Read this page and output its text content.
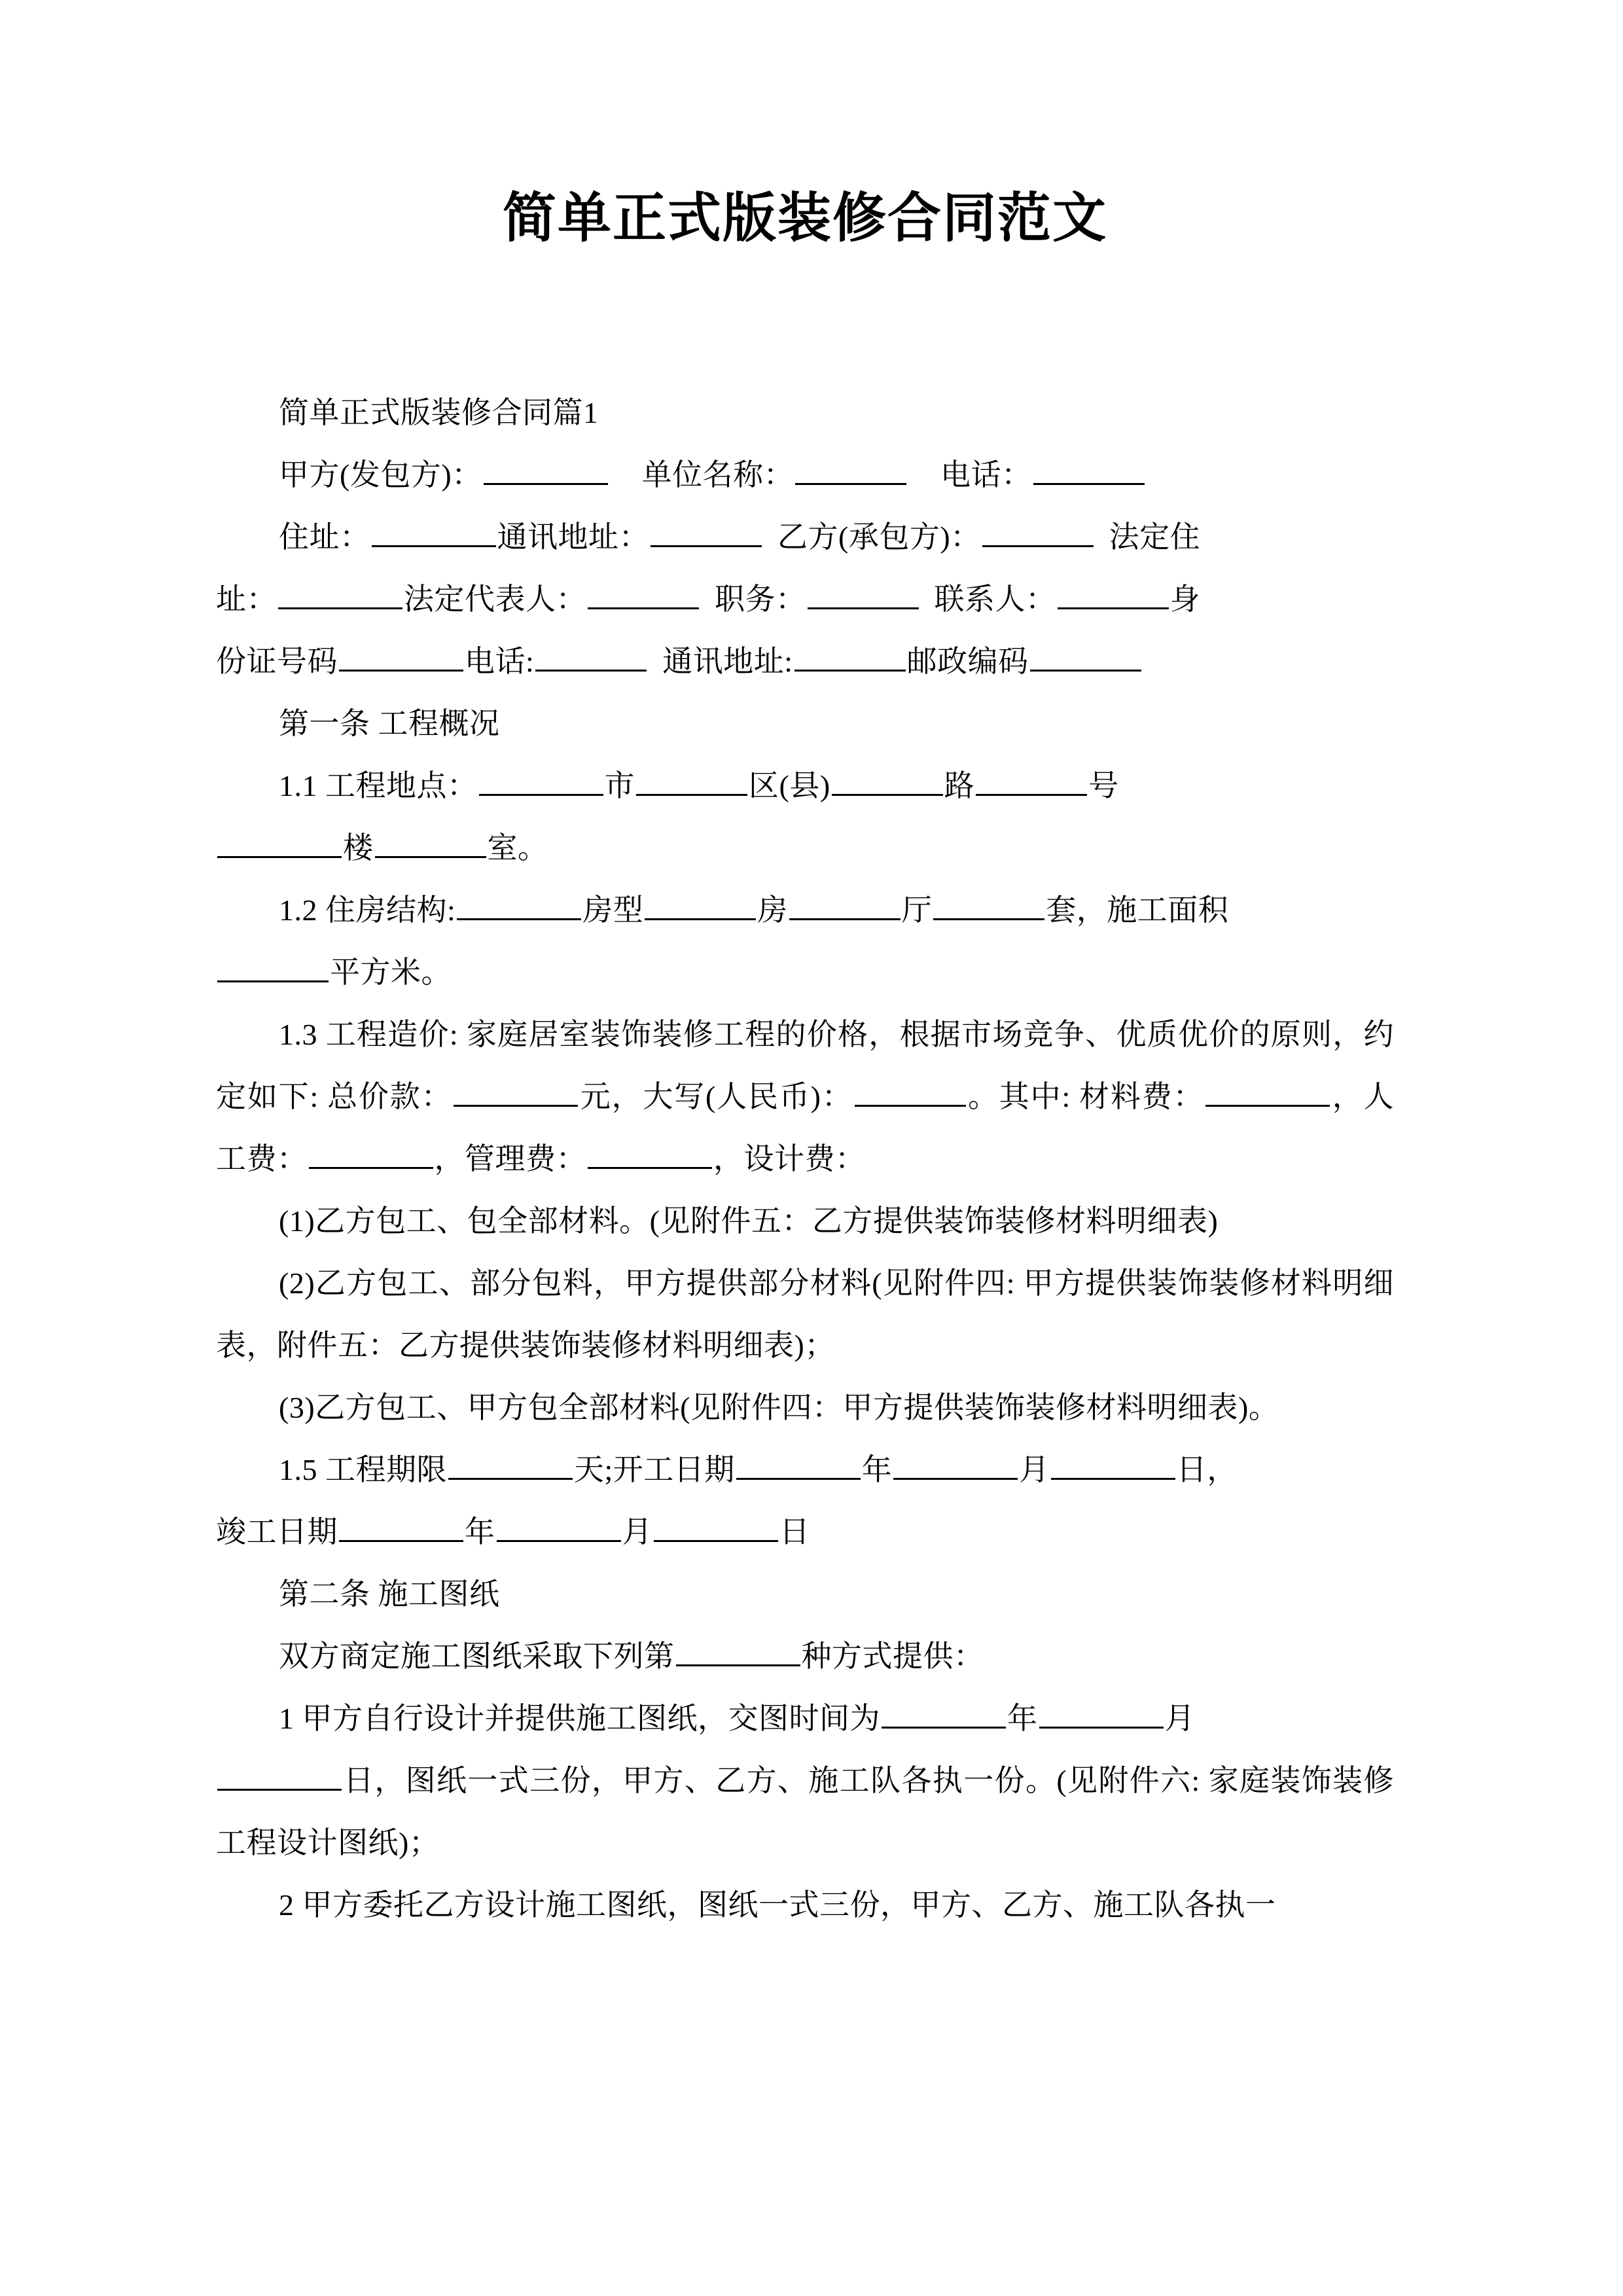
简单正式版装修合同范文

简单正式版装修合同篇1

甲方(发包方)：	单位名称：	电话：

住址：	通讯地址：	乙方(承包方)：	法定住

址：	法定代表人：	职务：	联系人：	身

份证号码	电话:	通讯地址:	邮政编码

第一条 工程概况

1.1 工程地点：	市	区(县)	路	号

楼	室。

1.2 住房结构:	房型	房	厅	套，施工面积

平方米。

1.3 工程造价: 家庭居室装饰装修工程的价格，根据市场竞争、优质优价的原则，约定如下: 总价款：	元，大写(人民币)：	。其中: 材料费：	，人工费：	，管理费：	，设计费：

(1)乙方包工、包全部材料。(见附件五：乙方提供装饰装修材料明细表)

(2)乙方包工、部分包料，甲方提供部分材料(见附件四: 甲方提供装饰装修材料明细表，附件五：乙方提供装饰装修材料明细表)；

(3)乙方包工、甲方包全部材料(见附件四：甲方提供装饰装修材料明细表)。

1.5 工程期限	天;开工日期	年	月	日，

竣工日期	年	月	日

第二条 施工图纸

双方商定施工图纸采取下列第	种方式提供：

1 甲方自行设计并提供施工图纸，交图时间为	年	月

日，图纸一式三份，甲方、乙方、施工队各执一份。(见附件六: 家庭装饰装修工程设计图纸)；

2 甲方委托乙方设计施工图纸，图纸一式三份，甲方、乙方、施工队各执一
